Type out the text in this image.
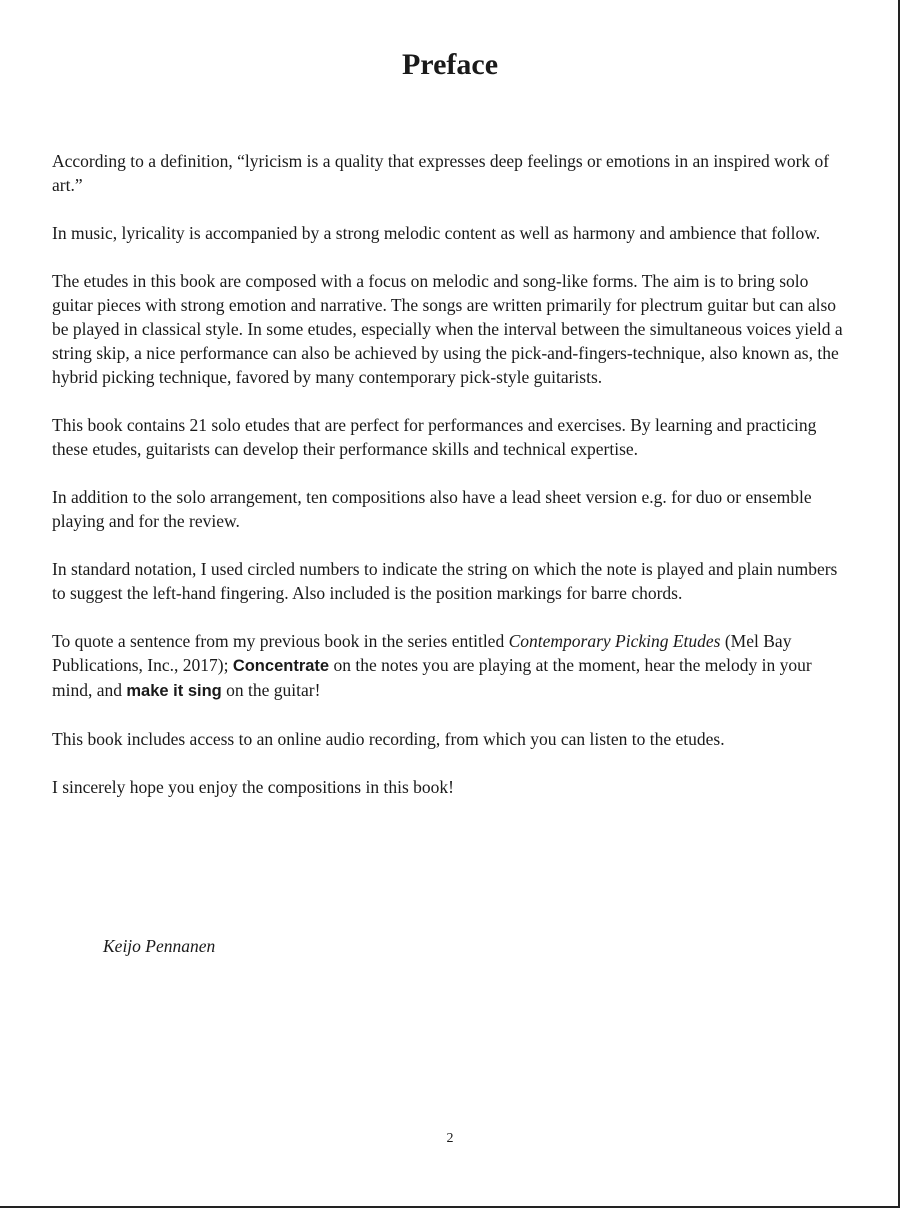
Preface

According to a definition, “lyricism is a quality that expresses deep feelings or emotions in an inspired work of art.”

In music, lyricality is accompanied by a strong melodic content as well as harmony and ambience that follow.

The etudes in this book are composed with a focus on melodic and song-like forms. The aim is to bring solo guitar pieces with strong emotion and narrative. The songs are written primarily for plectrum guitar but can also be played in classical style. In some etudes, especially when the interval between the simultaneous voices yield a string skip, a nice performance can also be achieved by using the pick-and-fingers-technique, also known as, the hybrid picking technique, favored by many contemporary pick-style guitarists.

This book contains 21 solo etudes that are perfect for performances and exercises. By learning and practicing these etudes, guitarists can develop their performance skills and technical expertise.

In addition to the solo arrangement, ten compositions also have a lead sheet version e.g. for duo or ensemble playing and for the review.

In standard notation, I used circled numbers to indicate the string on which the note is played and plain numbers to suggest the left-hand fingering. Also included is the position markings for barre chords.

To quote a sentence from my previous book in the series entitled Contemporary Picking Etudes (Mel Bay Publications, Inc., 2017); Concentrate on the notes you are playing at the moment, hear the melody in your mind, and make it sing on the guitar!

This book includes access to an online audio recording, from which you can listen to the etudes.

I sincerely hope you enjoy the compositions in this book!

Keijo Pennanen
2
